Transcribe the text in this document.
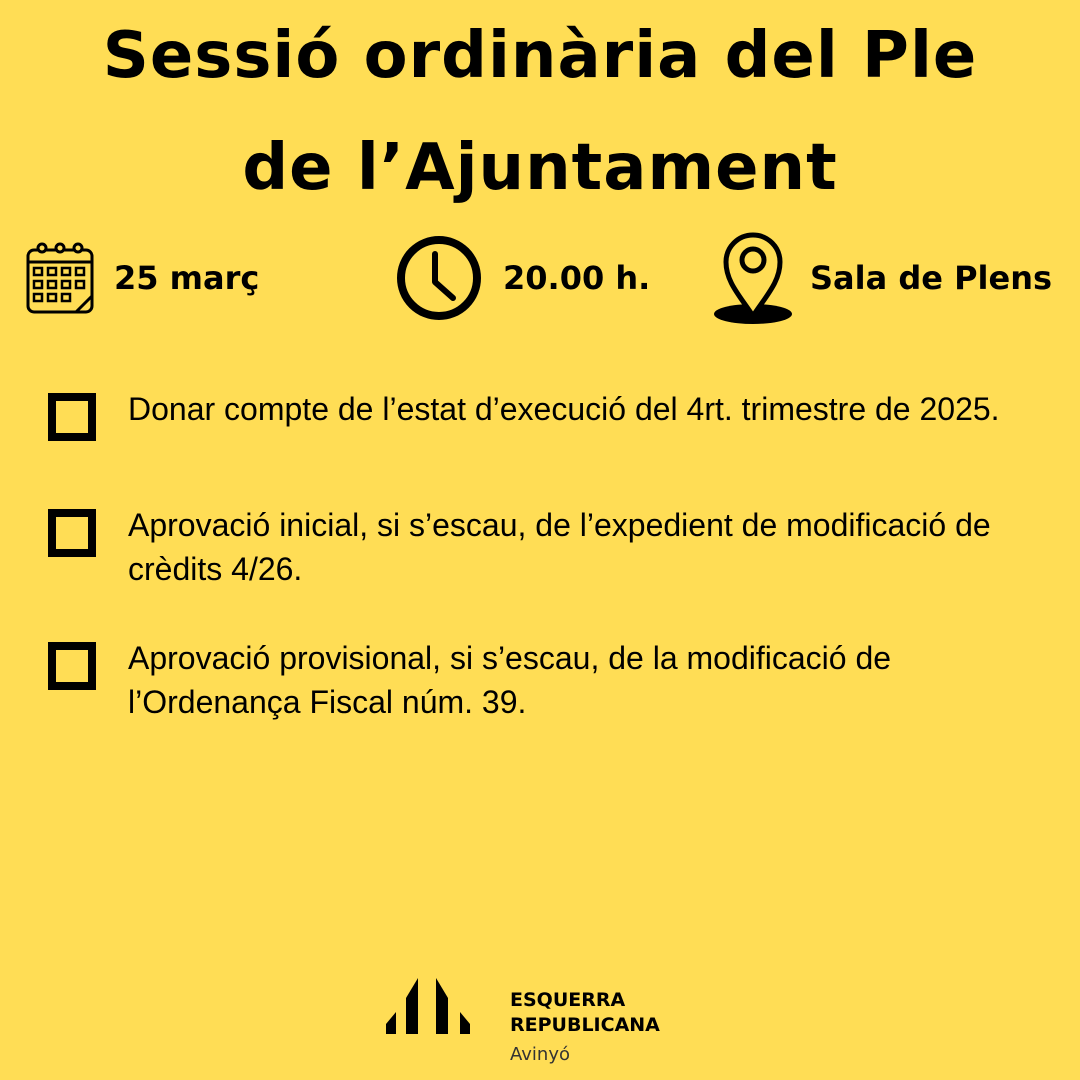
Sessió ordinària del Ple
de l’Ajuntament
25 març	20.00 h.	Sala de Plens
Donar compte de l’estat d’execució del 4rt. trimestre de 2025.
Aprovació inicial, si s’escau, de l’expedient de modificació de crèdits 4/26.
Aprovació provisional, si s’escau, de la modificació de l’Ordenança Fiscal núm. 39.
ESQUERRA
REPUBLICANA
Avinyó
